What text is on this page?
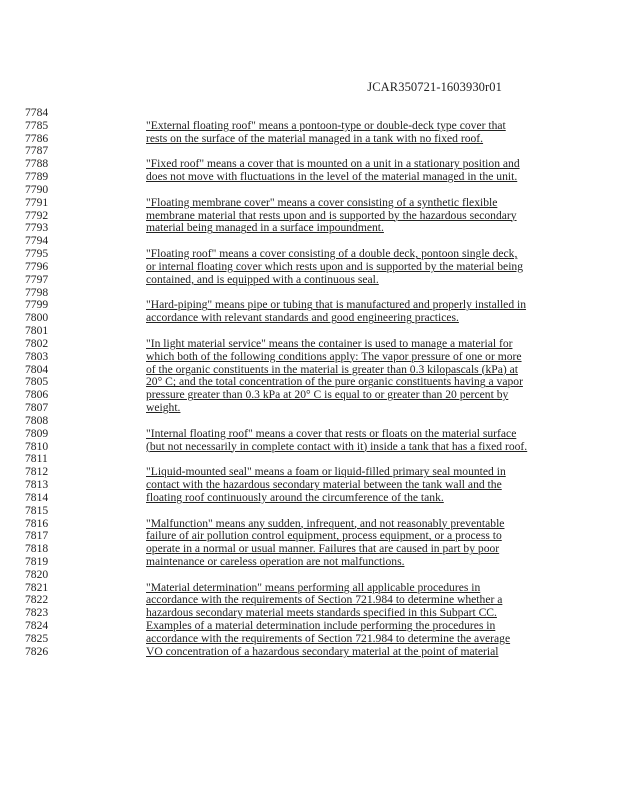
JCAR350721-1603930r01
7784
7785
7786
7787
7788
7789
7790
7791
7792
7793
7794
7795
7796
7797
7798
7799
7800
7801
7802
7803
7804
7805
7806
7807
7808
7809
7810
7811
7812
7813
7814
7815
7816
7817
7818
7819
7820
7821
7822
7823
7824
7825
7826
"External floating roof" means a pontoon-type or double-deck type cover that
rests on the surface of the material managed in a tank with no fixed roof.
"Fixed roof" means a cover that is mounted on a unit in a stationary position and
does not move with fluctuations in the level of the material managed in the unit.
"Floating membrane cover" means a cover consisting of a synthetic flexible
membrane material that rests upon and is supported by the hazardous secondary
material being managed in a surface impoundment.
"Floating roof" means a cover consisting of a double deck, pontoon single deck,
or internal floating cover which rests upon and is supported by the material being
contained, and is equipped with a continuous seal.
"Hard-piping" means pipe or tubing that is manufactured and properly installed in
accordance with relevant standards and good engineering practices.
"In light material service" means the container is used to manage a material for
which both of the following conditions apply: The vapor pressure of one or more
of the organic constituents in the material is greater than 0.3 kilopascals (kPa) at
20° C; and the total concentration of the pure organic constituents having a vapor
pressure greater than 0.3 kPa at 20° C is equal to or greater than 20 percent by
weight.
"Internal floating roof" means a cover that rests or floats on the material surface
(but not necessarily in complete contact with it) inside a tank that has a fixed roof.
"Liquid-mounted seal" means a foam or liquid-filled primary seal mounted in
contact with the hazardous secondary material between the tank wall and the
floating roof continuously around the circumference of the tank.
"Malfunction" means any sudden, infrequent, and not reasonably preventable
failure of air pollution control equipment, process equipment, or a process to
operate in a normal or usual manner. Failures that are caused in part by poor
maintenance or careless operation are not malfunctions.
"Material determination" means performing all applicable procedures in
accordance with the requirements of Section 721.984 to determine whether a
hazardous secondary material meets standards specified in this Subpart CC.
Examples of a material determination include performing the procedures in
accordance with the requirements of Section 721.984 to determine the average
VO concentration of a hazardous secondary material at the point of material
